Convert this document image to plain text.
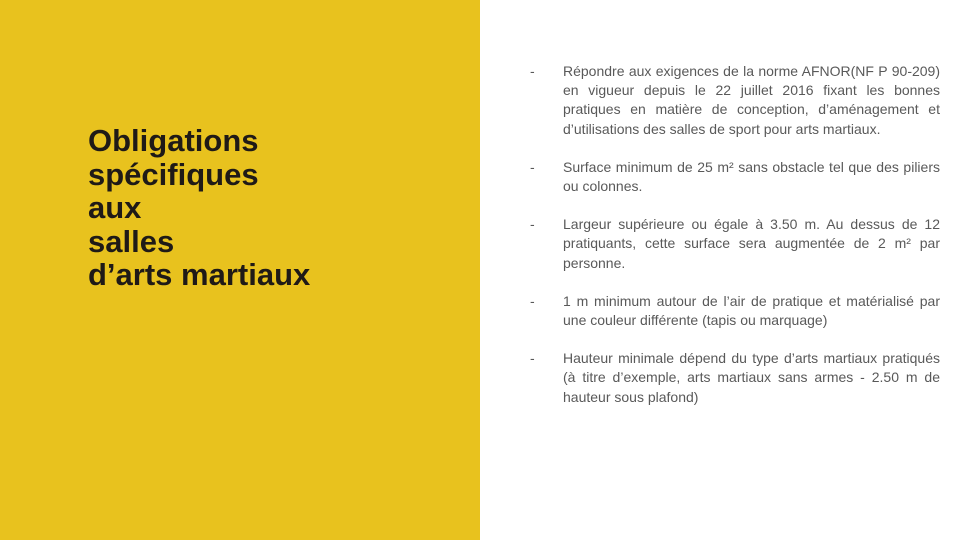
Obligations
spécifiques
aux
salles
d’arts martiaux
- Répondre aux exigences de la norme AFNOR(NF P 90-209) en vigueur depuis le 22 juillet 2016 fixant les bonnes pratiques en matière de conception, d’aménagement et d’utilisations des salles de sport pour arts martiaux.
- Surface minimum de 25 m² sans obstacle tel que des piliers ou colonnes.
- Largeur supérieure ou égale à 3.50 m. Au dessus de 12 pratiquants, cette surface sera augmentée de 2 m² par personne.
- 1 m minimum autour de l’air de pratique et matérialisé par une couleur différente (tapis ou marquage)
- Hauteur minimale dépend du type d’arts martiaux pratiqués (à titre d’exemple, arts martiaux sans armes - 2.50 m de hauteur sous plafond)
